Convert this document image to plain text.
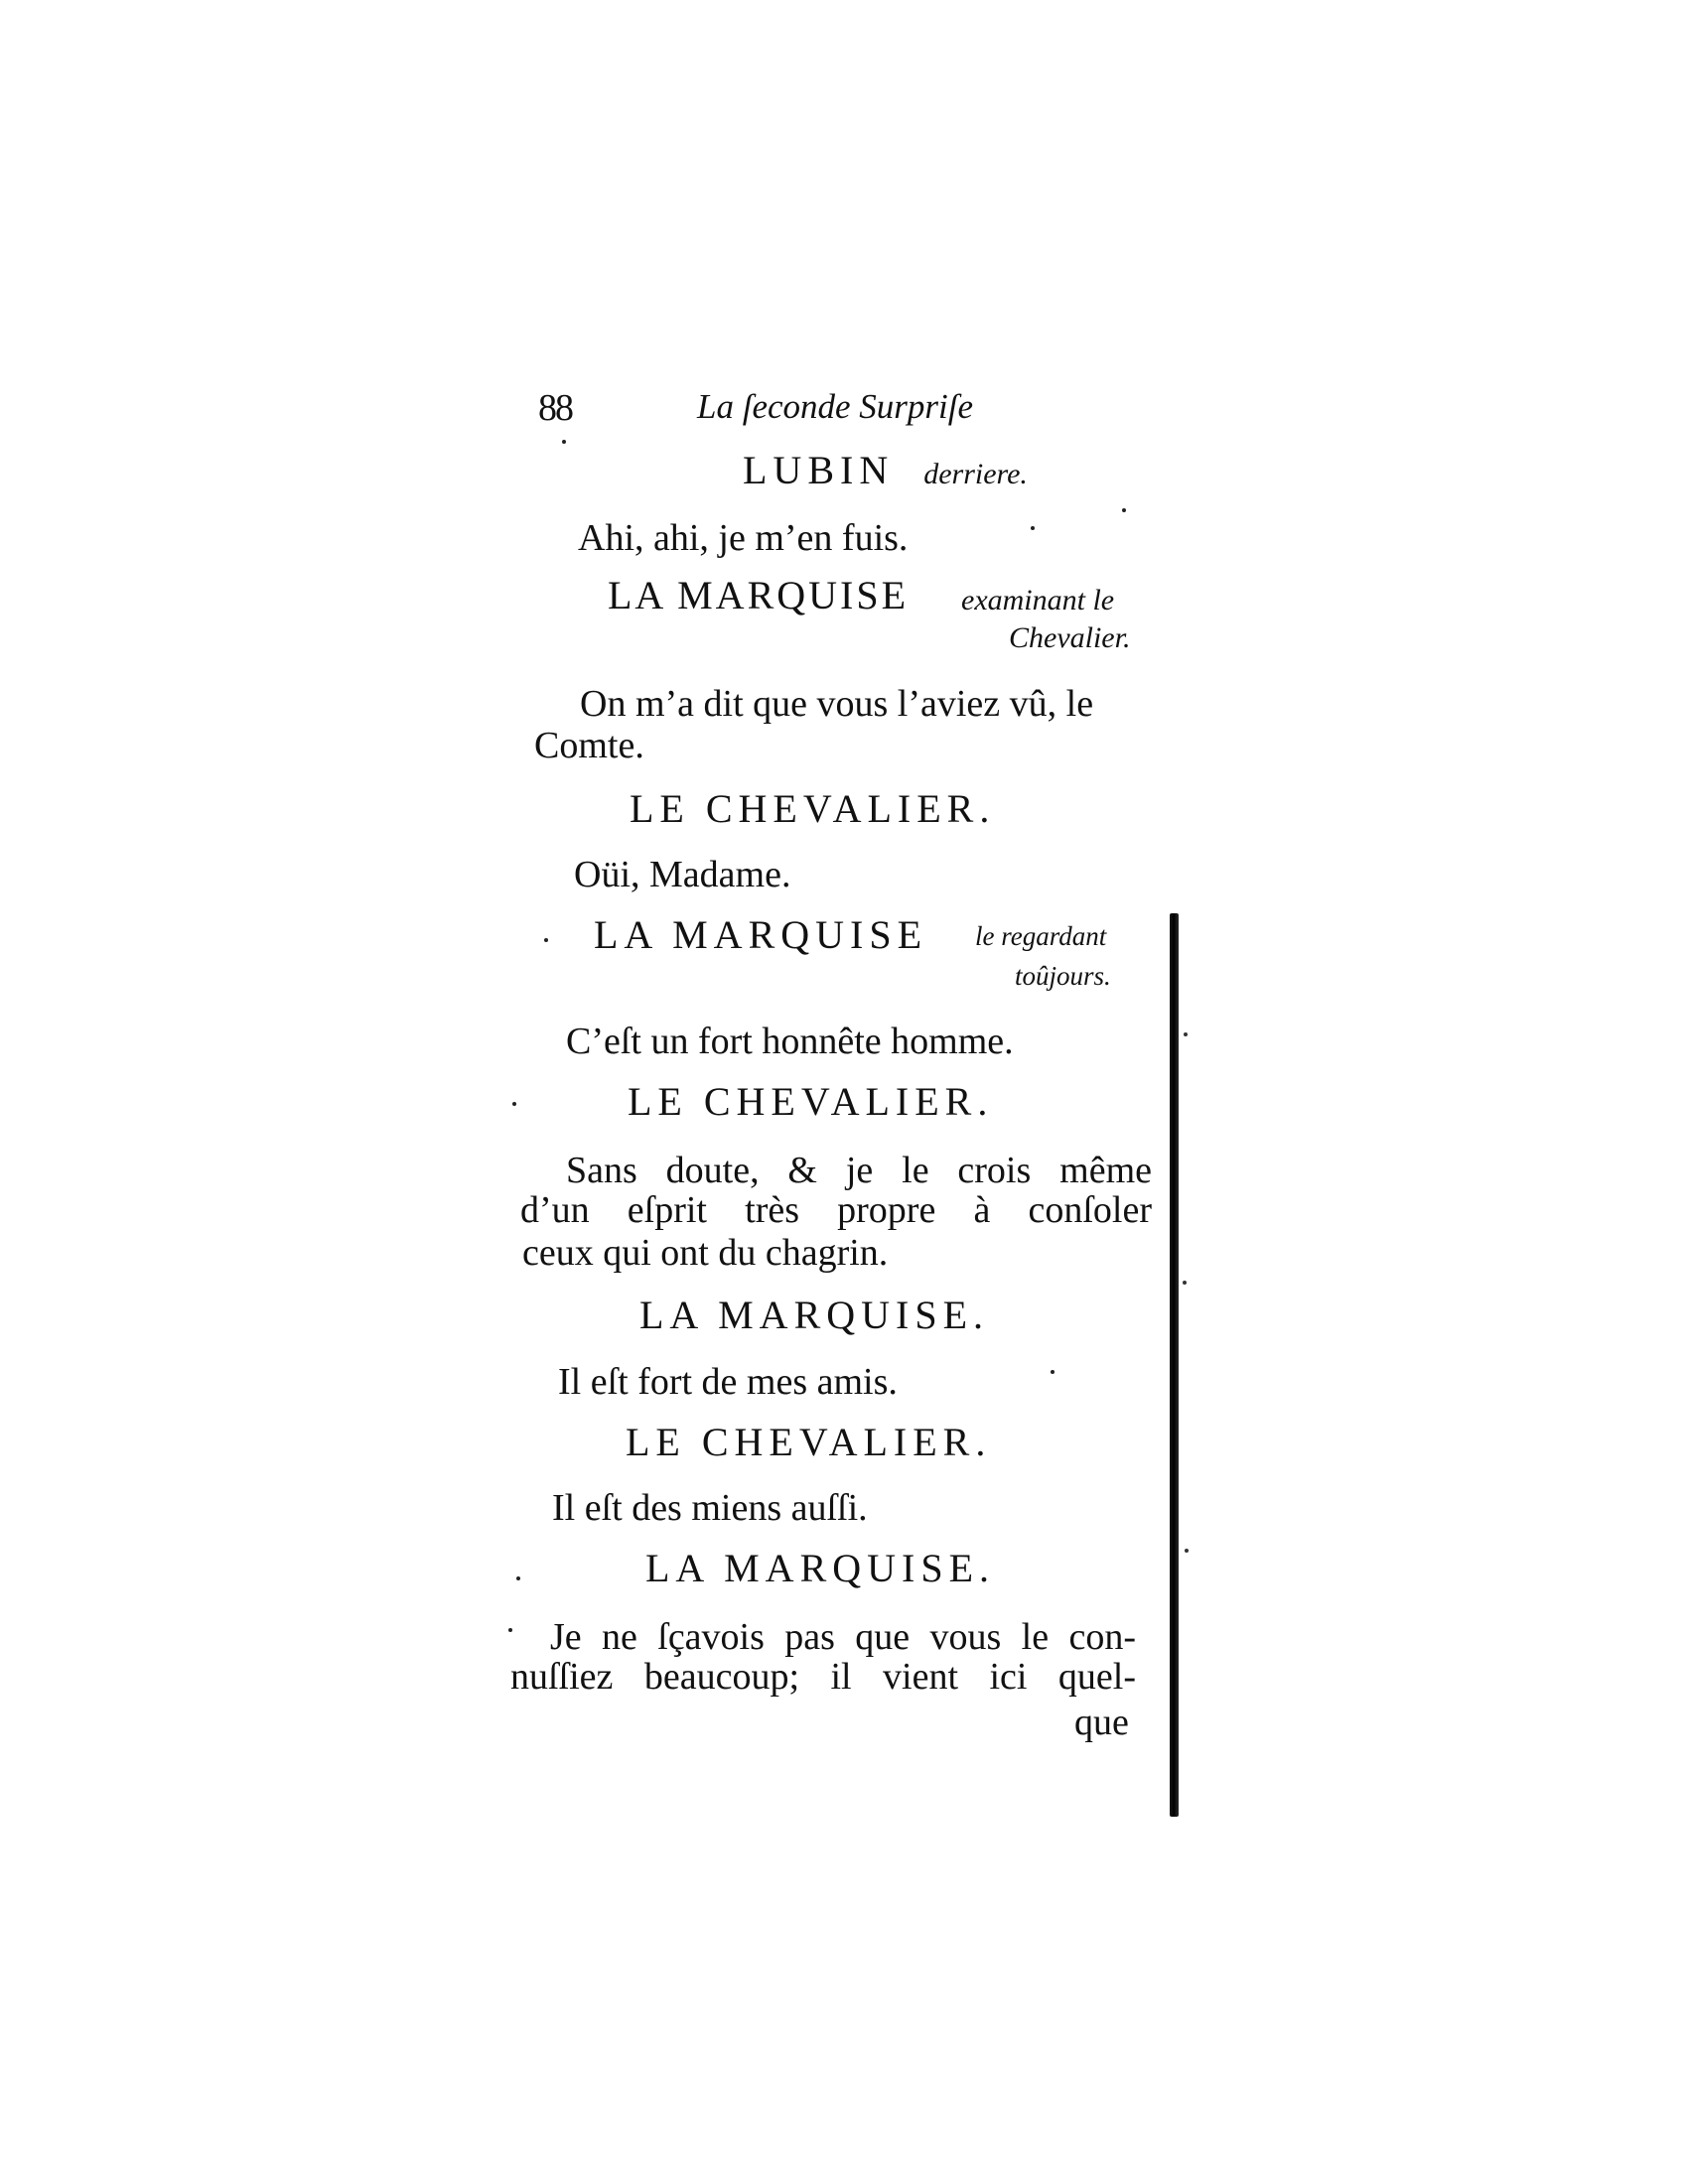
88	La ſeconde Surpriſe
LUBIN derriere.
Ahi, ahi, je m’en fuis.
LA MARQUISE examinant le
Chevalier.
On m’a dit que vous l’aviez vû, le
Comte.
LE CHEVALIER.
Oüi, Madame.
LA MARQUISE le regardant
toûjours.
C’eſt un fort honnête homme.
LE CHEVALIER.
Sans doute, & je le crois même
d’un eſprit très propre à conſoler
ceux qui ont du chagrin.
LA MARQUISE.
Il eſt fort de mes amis.
LE CHEVALIER.
Il eſt des miens auſſi.
LA MARQUISE.
Je ne ſçavois pas que vous le con-
nuſſiez beaucoup; il vient ici quel-
que
